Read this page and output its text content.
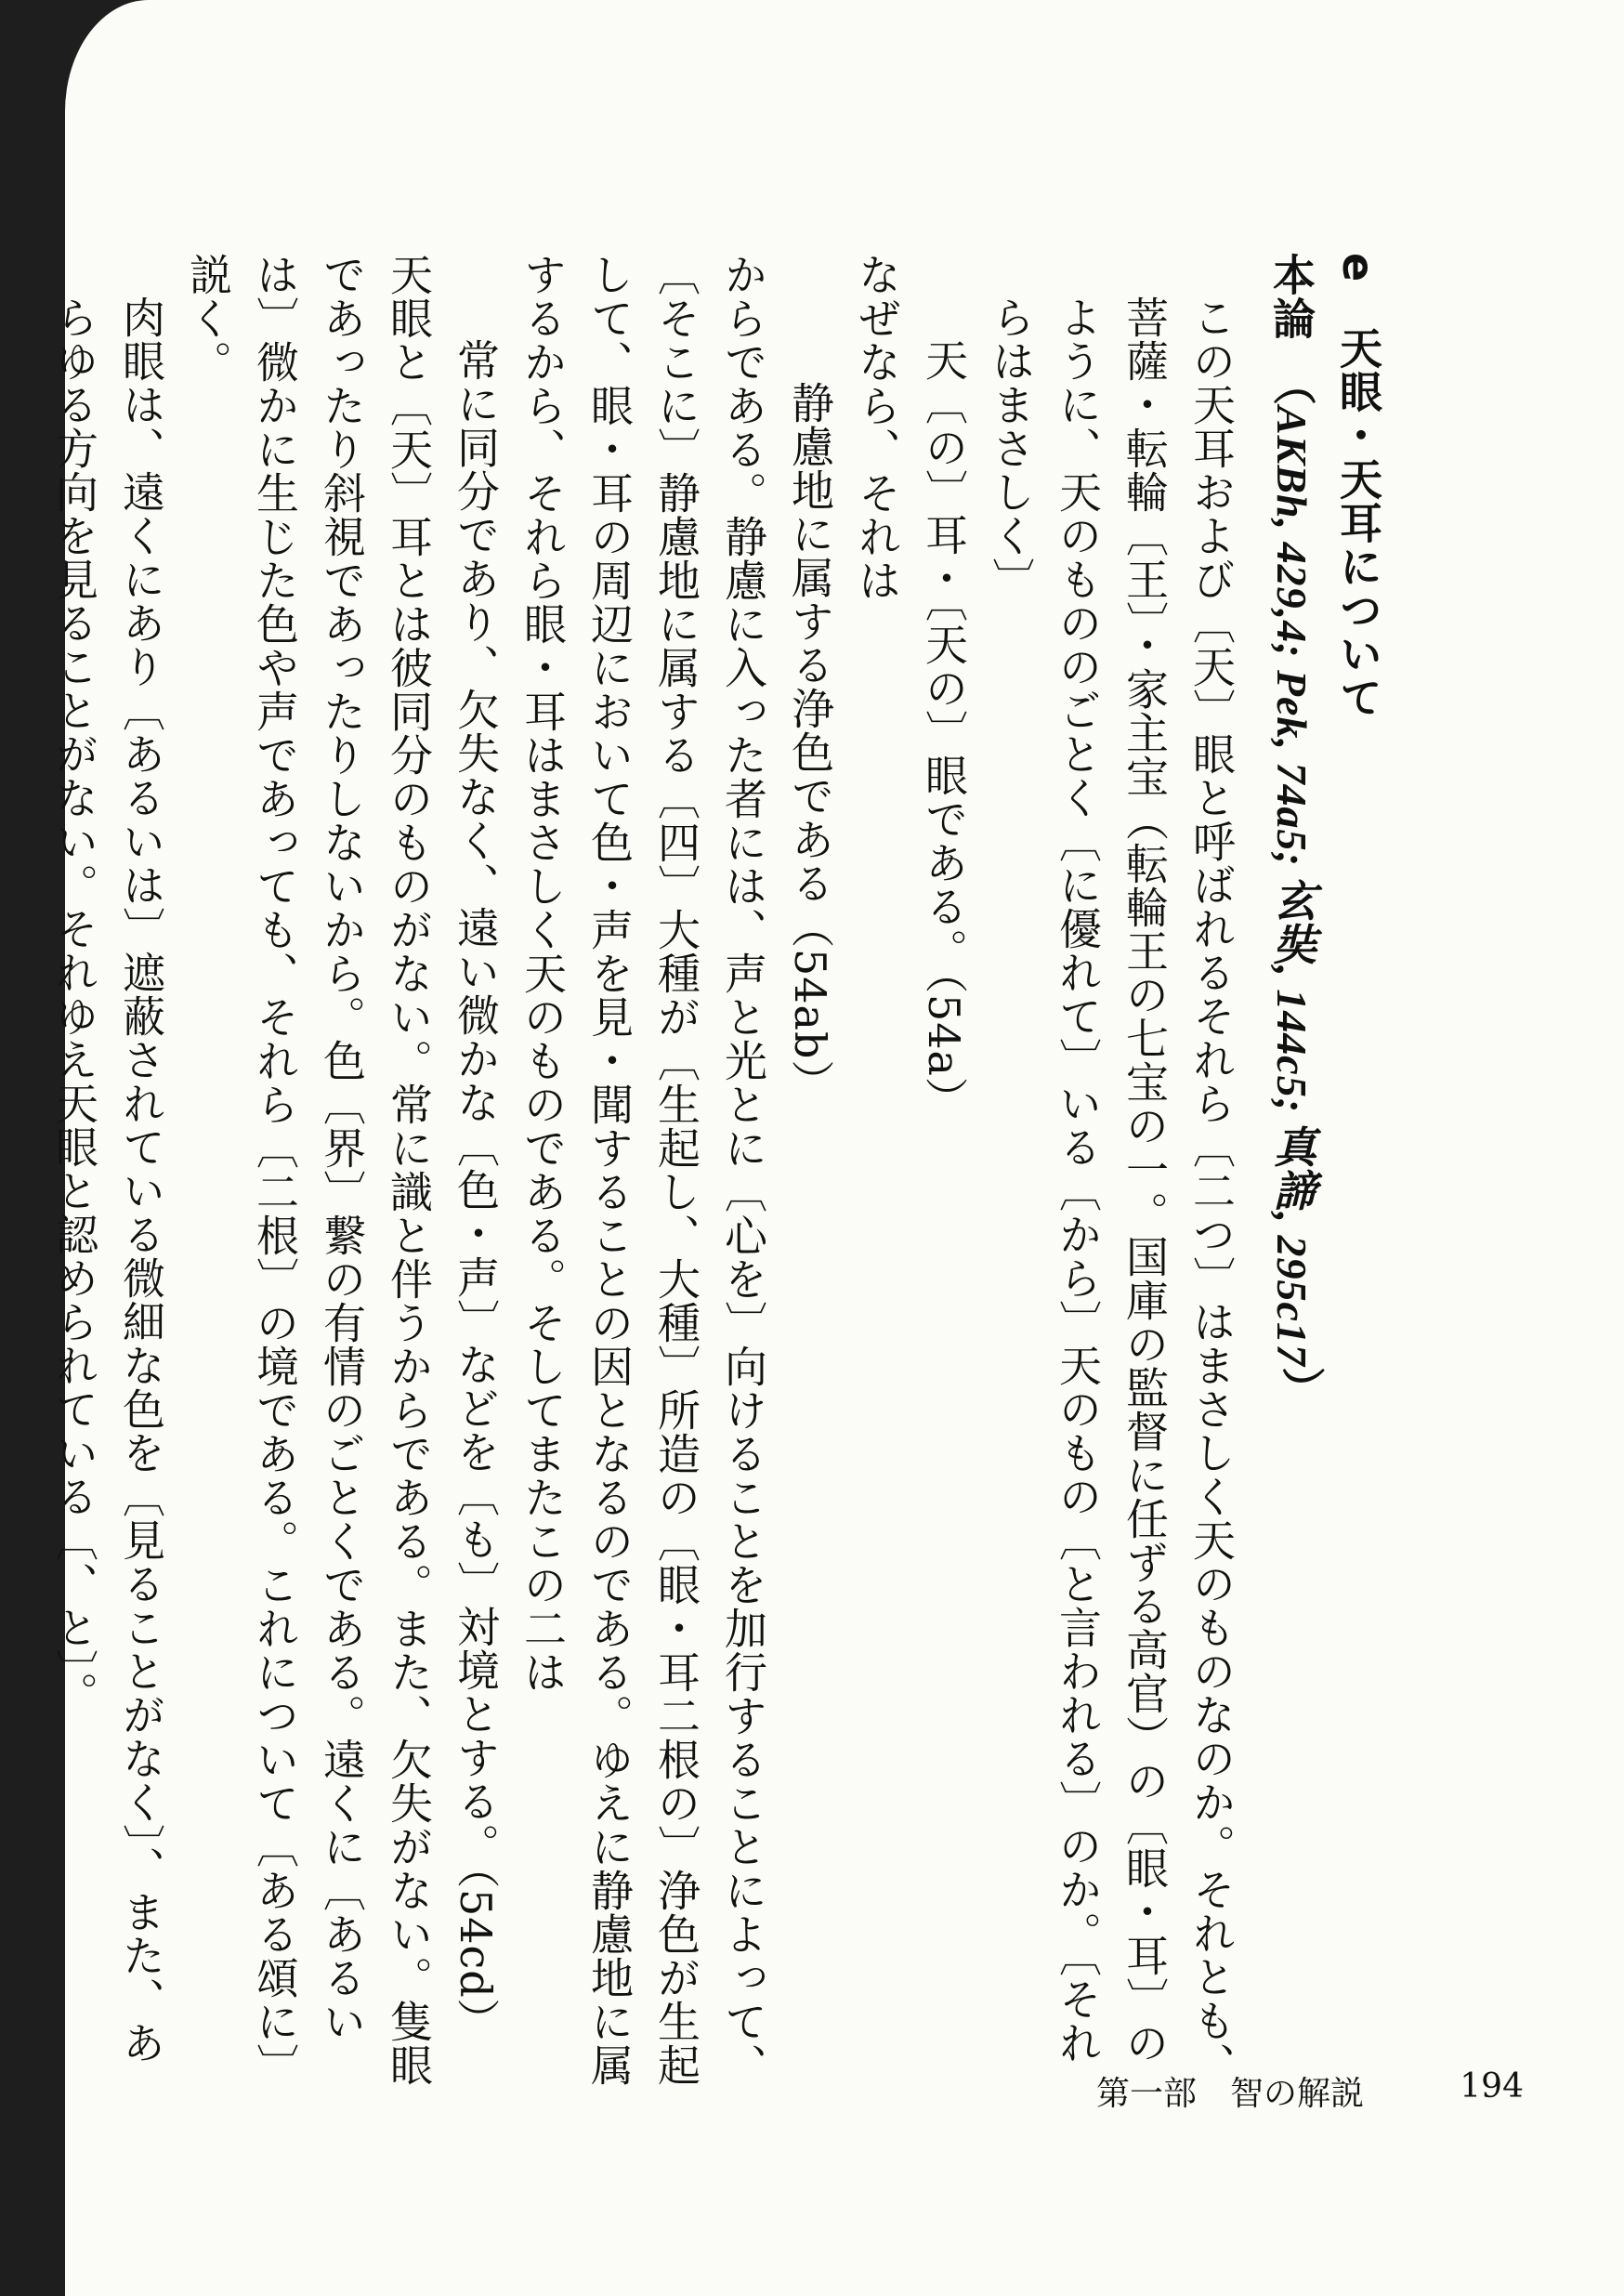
e　天眼・天耳について

本論　（AKBh, 429,4; Pek, 74a5; 玄奘, 144c5; 真諦, 295c17）

この天耳および〔天〕眼と呼ばれるそれら〔二つ〕はまさしく天のものなのか。それとも、菩薩・転輪〔王〕・家主宝（転輪王の七宝の一。国庫の監督に任ずる高官）の〔眼・耳〕のように、天のもののごとく〔に優れて〕いる〔から〕天のもの〔と言われる〕のか。〔それらはまさしく〕

天〔の〕耳・〔天の〕眼である。（54a）

なぜなら、それは

静慮地に属する浄色である（54ab）

からである。静慮に入った者には、声と光とに〔心を〕向けることを加行することによって、〔そこに〕静慮地に属する〔四〕大種が〔生起し、大種〕所造の〔眼・耳二根の〕浄色が生起して、眼・耳の周辺において色・声を見・聞することの因となるのである。ゆえに静慮地に属するから、それら眼・耳はまさしく天のものである。そしてまたこの二は

常に同分であり、欠失なく、遠い微かな〔色・声〕などを〔も〕対境とする。（54cd）

天眼と〔天〕耳とは彼同分のものがない。常に識と伴うからである。また、欠失がない。隻眼であったり斜視であったりしないから。色〔界〕繋の有情のごとくである。遠くに〔あるいは〕微かに生じた色や声であっても、それら〔二根〕の境である。これについて〔ある頌に〕説く。

肉眼は、遠くにあり〔あるいは〕遮蔽されている微細な色を〔見ることがなく〕、また、あらゆる方向を見ることがない。それゆえ天眼と認められている〔、と〕。

第一部　智の解説	194
